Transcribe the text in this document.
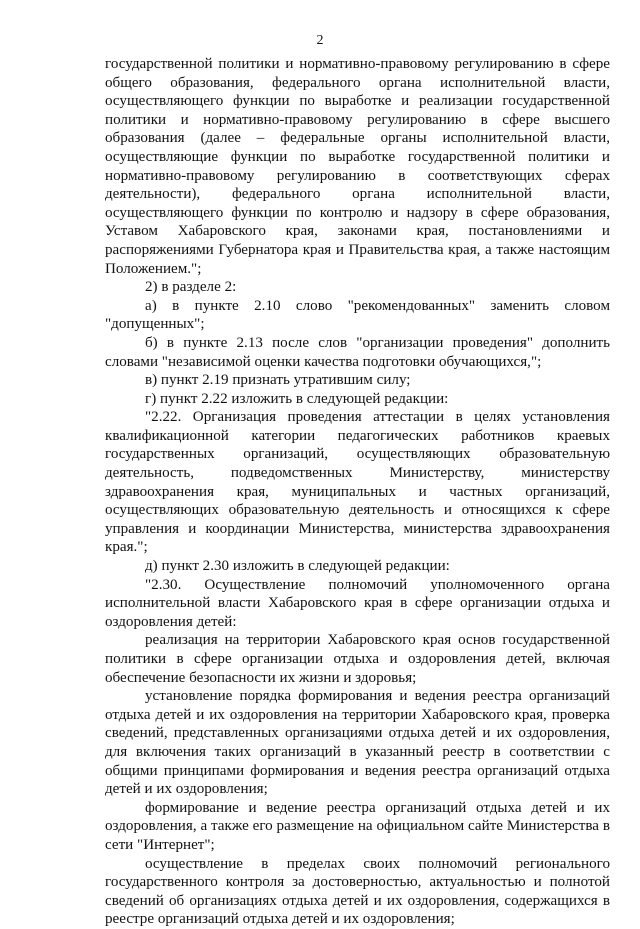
2

государственной политики и нормативно-правовому регулированию в сфере общего образования, федерального органа исполнительной власти, осуществляющего функции по выработке и реализации государственной политики и нормативно-правовому регулированию в сфере высшего образования (далее – федеральные органы исполнительной власти, осуществляющие функции по выработке государственной политики и нормативно-правовому регулированию в соответствующих сферах деятельности), федерального органа исполнительной власти, осуществляющего функции по контролю и надзору в сфере образования, Уставом Хабаровского края, законами края, постановлениями и распоряжениями Губернатора края и Правительства края, а также настоящим Положением.";

2) в разделе 2:

а) в пункте 2.10 слово "рекомендованных" заменить словом "допущенных";

б) в пункте 2.13 после слов "организации проведения" дополнить словами "независимой оценки качества подготовки обучающихся,";

в) пункт 2.19 признать утратившим силу;

г) пункт 2.22 изложить в следующей редакции:

"2.22. Организация проведения аттестации в целях установления квалификационной категории педагогических работников краевых государственных организаций, осуществляющих образовательную деятельность, подведомственных Министерству, министерству здравоохранения края, муниципальных и частных организаций, осуществляющих образовательную деятельность и относящихся к сфере управления и координации Министерства, министерства здравоохранения края.";

д) пункт 2.30 изложить в следующей редакции:

"2.30. Осуществление полномочий уполномоченного органа исполнительной власти Хабаровского края в сфере организации отдыха и оздоровления детей:

реализация на территории Хабаровского края основ государственной политики в сфере организации отдыха и оздоровления детей, включая обеспечение безопасности их жизни и здоровья;

установление порядка формирования и ведения реестра организаций отдыха детей и их оздоровления на территории Хабаровского края, проверка сведений, представленных организациями отдыха детей и их оздоровления, для включения таких организаций в указанный реестр в соответствии с общими принципами формирования и ведения реестра организаций отдыха детей и их оздоровления;

формирование и ведение реестра организаций отдыха детей и их оздоровления, а также его размещение на официальном сайте Министерства в сети "Интернет";

осуществление в пределах своих полномочий регионального государственного контроля за достоверностью, актуальностью и полнотой сведений об организациях отдыха детей и их оздоровления, содержащихся в реестре организаций отдыха детей и их оздоровления;
